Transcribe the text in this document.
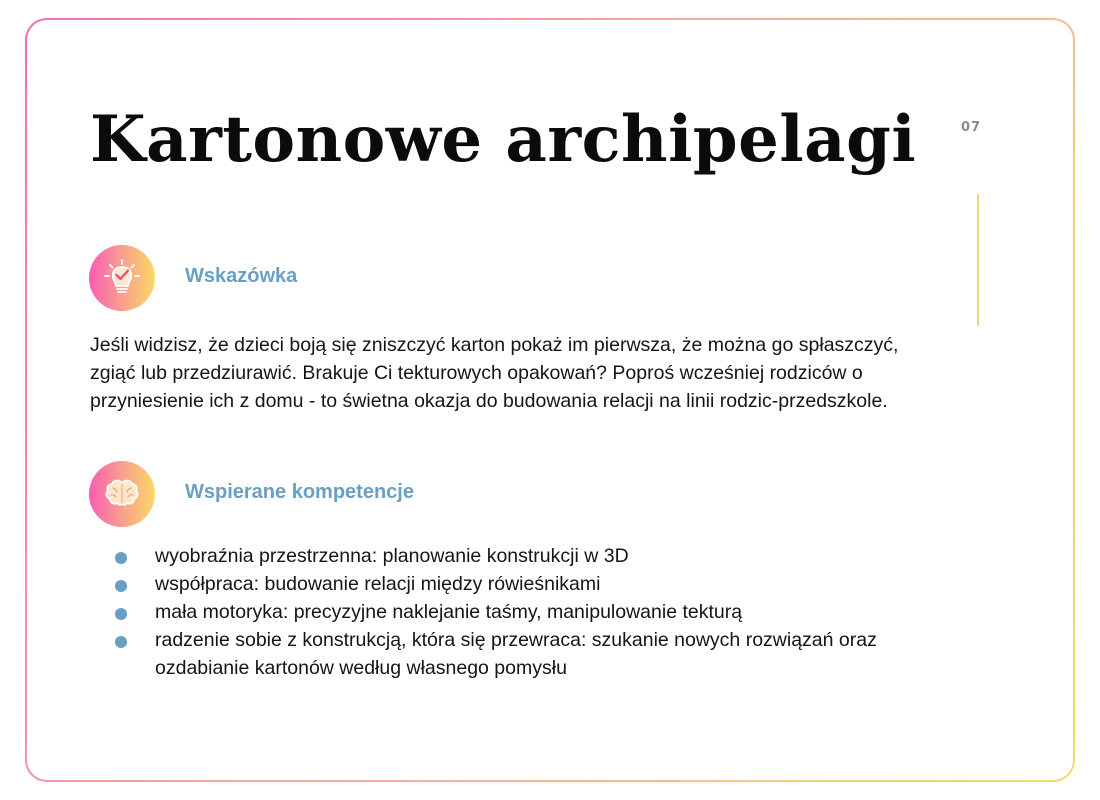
Kartonowe archipelagi	07
Wskazówka

Jeśli widzisz, że dzieci boją się zniszczyć karton pokaż im pierwsza, że można go spłaszczyć, zgiąć lub przedziurawić. Brakuje Ci tekturowych opakowań? Poproś wcześniej rodziców o przyniesienie ich z domu - to świetna okazja do budowania relacji na linii rodzic-przedszkole.

Wspierane kompetencje
wyobraźnia przestrzenna: planowanie konstrukcji w 3D
współpraca: budowanie relacji między rówieśnikami
mała motoryka: precyzyjne naklejanie taśmy, manipulowanie tekturą
radzenie sobie z konstrukcją, która się przewraca: szukanie nowych rozwiązań oraz ozdabianie kartonów według własnego pomysłu
